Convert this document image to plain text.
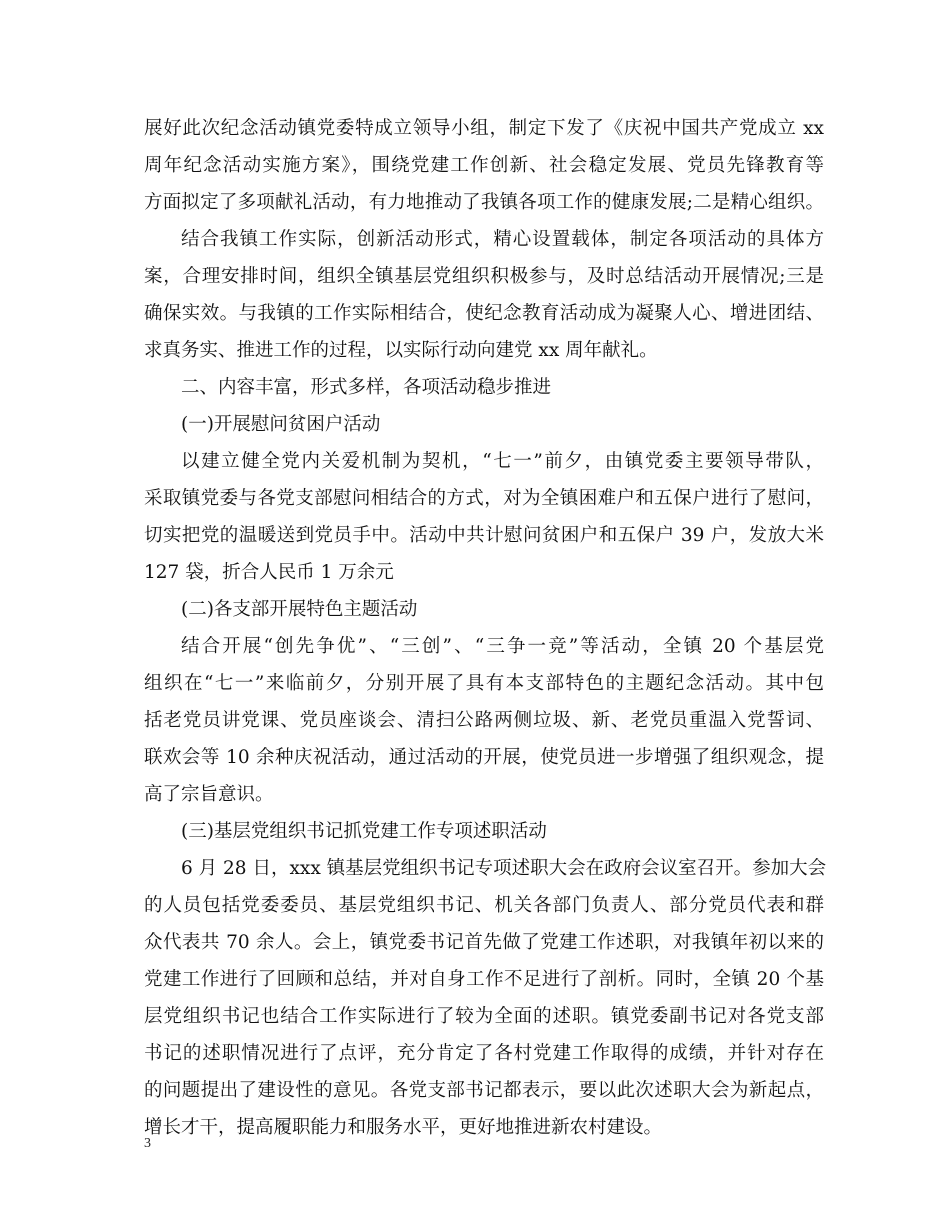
展好此次纪念活动镇党委特成立领导小组，制定下发了《庆祝中国共产党成立 xx
周年纪念活动实施方案》，围绕党建工作创新、社会稳定发展、党员先锋教育等
方面拟定了多项献礼活动，有力地推动了我镇各项工作的健康发展;二是精心组织。
结合我镇工作实际，创新活动形式，精心设置载体，制定各项活动的具体方
案，合理安排时间，组织全镇基层党组织积极参与，及时总结活动开展情况;三是
确保实效。与我镇的工作实际相结合，使纪念教育活动成为凝聚人心、增进团结、
求真务实、推进工作的过程，以实际行动向建党 xx 周年献礼。
二、内容丰富，形式多样，各项活动稳步推进
(一)开展慰问贫困户活动
以建立健全党内关爱机制为契机，“七一”前夕，由镇党委主要领导带队，
采取镇党委与各党支部慰问相结合的方式，对为全镇困难户和五保户进行了慰问，
切实把党的温暖送到党员手中。活动中共计慰问贫困户和五保户 39 户，发放大米
127 袋，折合人民币 1 万余元
(二)各支部开展特色主题活动
结合开展“创先争优”、“三创”、“三争一竞”等活动，全镇 20 个基层党
组织在“七一”来临前夕，分别开展了具有本支部特色的主题纪念活动。其中包
括老党员讲党课、党员座谈会、清扫公路两侧垃圾、新、老党员重温入党誓词、
联欢会等 10 余种庆祝活动，通过活动的开展，使党员进一步增强了组织观念，提
高了宗旨意识。
(三)基层党组织书记抓党建工作专项述职活动
6 月 28 日，xxx 镇基层党组织书记专项述职大会在政府会议室召开。参加大会
的人员包括党委委员、基层党组织书记、机关各部门负责人、部分党员代表和群
众代表共 70 余人。会上，镇党委书记首先做了党建工作述职，对我镇年初以来的
党建工作进行了回顾和总结，并对自身工作不足进行了剖析。同时，全镇 20 个基
层党组织书记也结合工作实际进行了较为全面的述职。镇党委副书记对各党支部
书记的述职情况进行了点评，充分肯定了各村党建工作取得的成绩，并针对存在
的问题提出了建设性的意见。各党支部书记都表示，要以此次述职大会为新起点，
增长才干，提高履职能力和服务水平，更好地推进新农村建设。
3
